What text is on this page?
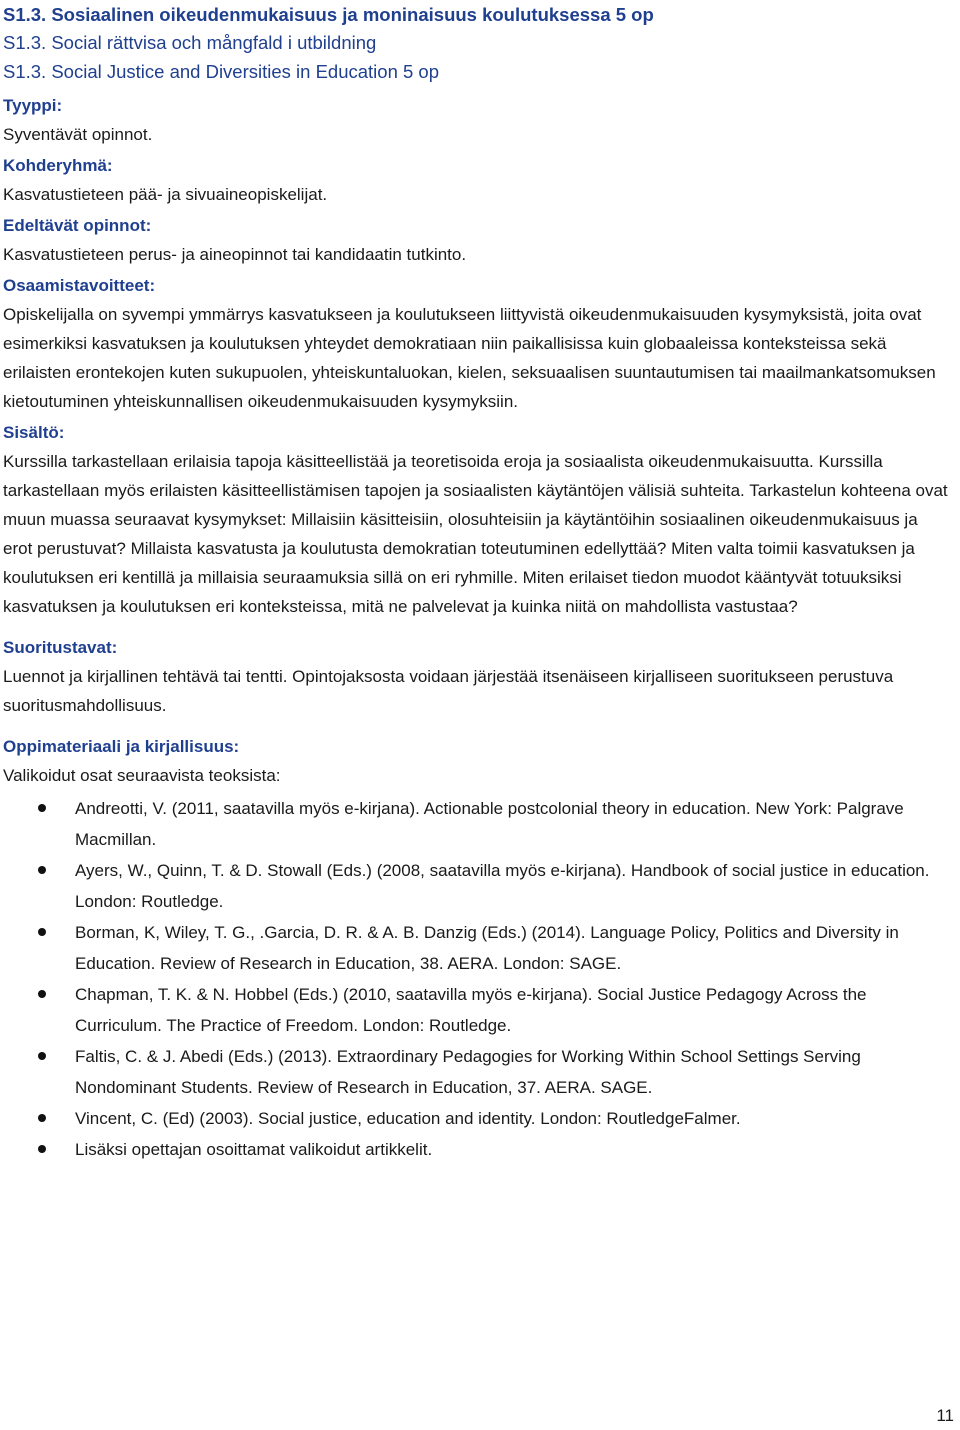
S1.3. Sosiaalinen oikeudenmukaisuus ja moninaisuus koulutuksessa 5 op
S1.3. Social rättvisa och mångfald i utbildning
S1.3. Social Justice and Diversities in Education 5 op
Tyyppi:
Syventävät opinnot.
Kohderyhmä:
Kasvatustieteen pää- ja sivuaineopiskelijat.
Edeltävät opinnot:
Kasvatustieteen perus- ja aineopinnot tai kandidaatin tutkinto.
Osaamistavoitteet:

Opiskelijalla on syvempi ymmärrys kasvatukseen ja koulutukseen liittyvistä oikeudenmukaisuuden kysymyksistä, joita ovat esimerkiksi kasvatuksen ja koulutuksen yhteydet demokratiaan niin paikallisissa kuin globaaleissa konteksteissa sekä erilaisten erontekojen kuten sukupuolen, yhteiskuntaluokan, kielen, seksuaalisen suuntautumisen tai maailmankatsomuksen kietoutuminen yhteiskunnallisen oikeudenmukaisuuden kysymyksiin.

Sisältö:

Kurssilla tarkastellaan erilaisia tapoja käsitteellistää ja teoretisoida eroja ja sosiaalista oikeudenmukaisuutta. Kurssilla tarkastellaan myös erilaisten käsitteellistämisen tapojen ja sosiaalisten käytäntöjen välisiä suhteita. Tarkastelun kohteena ovat muun muassa seuraavat kysymykset: Millaisiin käsitteisiin, olosuhteisiin ja käytäntöihin sosiaalinen oikeudenmukaisuus ja erot perustuvat? Millaista kasvatusta ja koulutusta demokratian toteutuminen edellyttää? Miten valta toimii kasvatuksen ja koulutuksen eri kentillä ja millaisia seuraamuksia sillä on eri ryhmille. Miten erilaiset tiedon muodot kääntyvät totuuksiksi kasvatuksen ja koulutuksen eri konteksteissa, mitä ne palvelevat ja kuinka niitä on mahdollista vastustaa?

Suoritustavat:

Luennot ja kirjallinen tehtävä tai tentti. Opintojaksosta voidaan järjestää itsenäiseen kirjalliseen suoritukseen perustuva suoritusmahdollisuus.

Oppimateriaali ja kirjallisuus:
Valikoidut osat seuraavista teoksista:
Andreotti, V. (2011, saatavilla myös e-kirjana). Actionable postcolonial theory in education. New York: Palgrave Macmillan.
Ayers, W., Quinn, T. & D. Stowall (Eds.) (2008, saatavilla myös e-kirjana). Handbook of social justice in education. London: Routledge.
Borman, K, Wiley, T. G., .Garcia, D. R. & A. B. Danzig (Eds.) (2014). Language Policy, Politics and Diversity in Education. Review of Research in Education, 38. AERA. London: SAGE.
Chapman, T. K. & N. Hobbel (Eds.) (2010, saatavilla myös e-kirjana). Social Justice Pedagogy Across the Curriculum. The Practice of Freedom. London: Routledge.
Faltis, C. & J. Abedi (Eds.) (2013). Extraordinary Pedagogies for Working Within School Settings Serving Nondominant Students. Review of Research in Education, 37. AERA. SAGE.
Vincent, C. (Ed) (2003). Social justice, education and identity. London: RoutledgeFalmer.
Lisäksi opettajan osoittamat valikoidut artikkelit.
11
